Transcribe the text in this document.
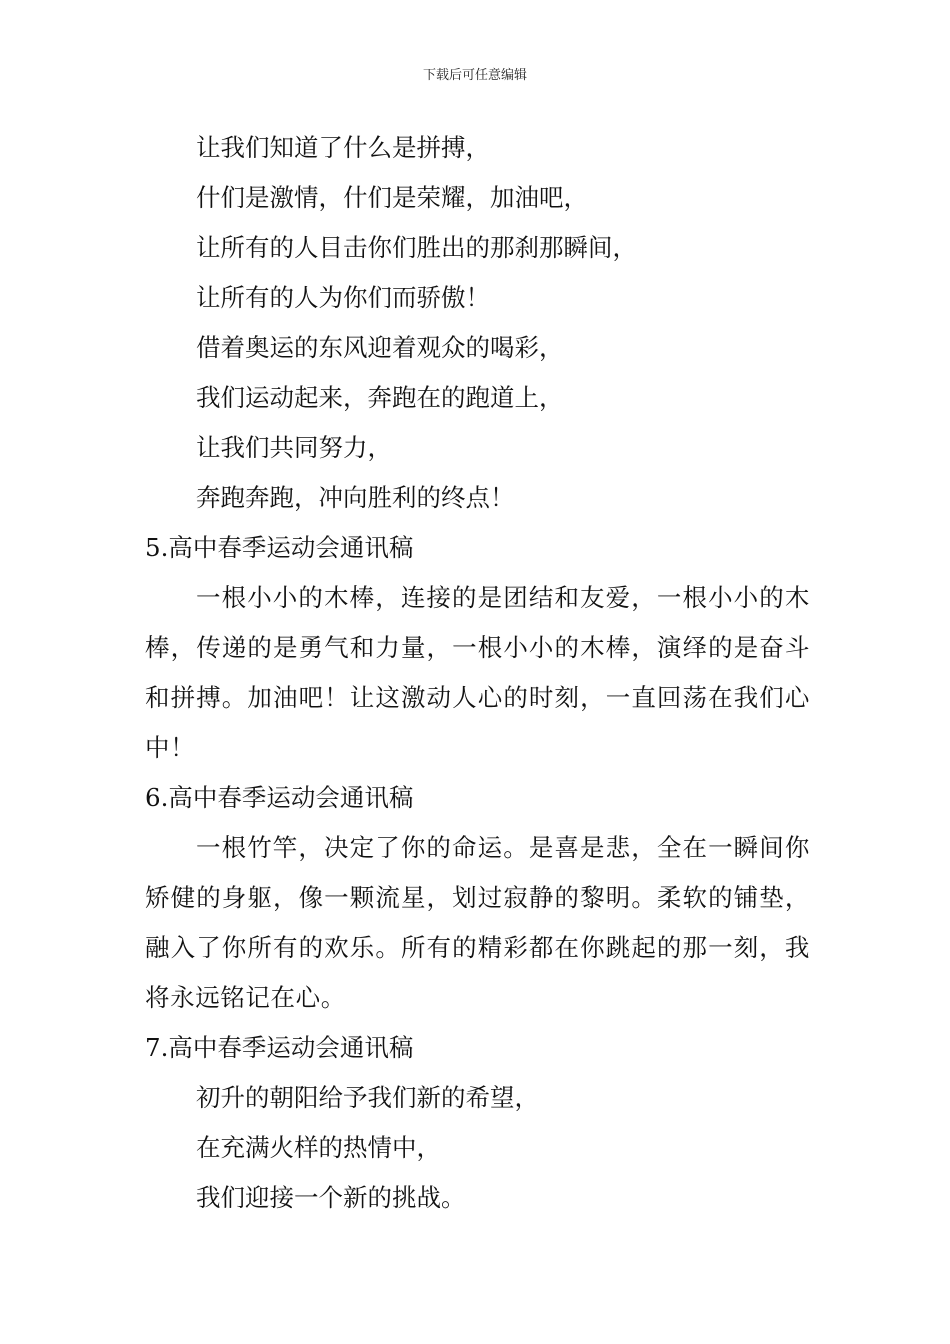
下载后可任意编辑
让我们知道了什么是拼搏，
什们是激情，什们是荣耀，加油吧，
让所有的人目击你们胜出的那刹那瞬间，
让所有的人为你们而骄傲！
借着奥运的东风迎着观众的喝彩，
我们运动起来，奔跑在的跑道上，
让我们共同努力，
奔跑奔跑，冲向胜利的终点！
5.高中春季运动会通讯稿
一根小小的木棒，连接的是团结和友爱，一根小小的木棒，传递的是勇气和力量，一根小小的木棒，演绎的是奋斗和拼搏。加油吧！让这激动人心的时刻，一直回荡在我们心中！
6.高中春季运动会通讯稿
一根竹竿，决定了你的命运。是喜是悲，全在一瞬间你矫健的身躯，像一颗流星，划过寂静的黎明。柔软的铺垫，融入了你所有的欢乐。所有的精彩都在你跳起的那一刻，我将永远铭记在心。
7.高中春季运动会通讯稿
初升的朝阳给予我们新的希望，
在充满火样的热情中，
我们迎接一个新的挑战。
